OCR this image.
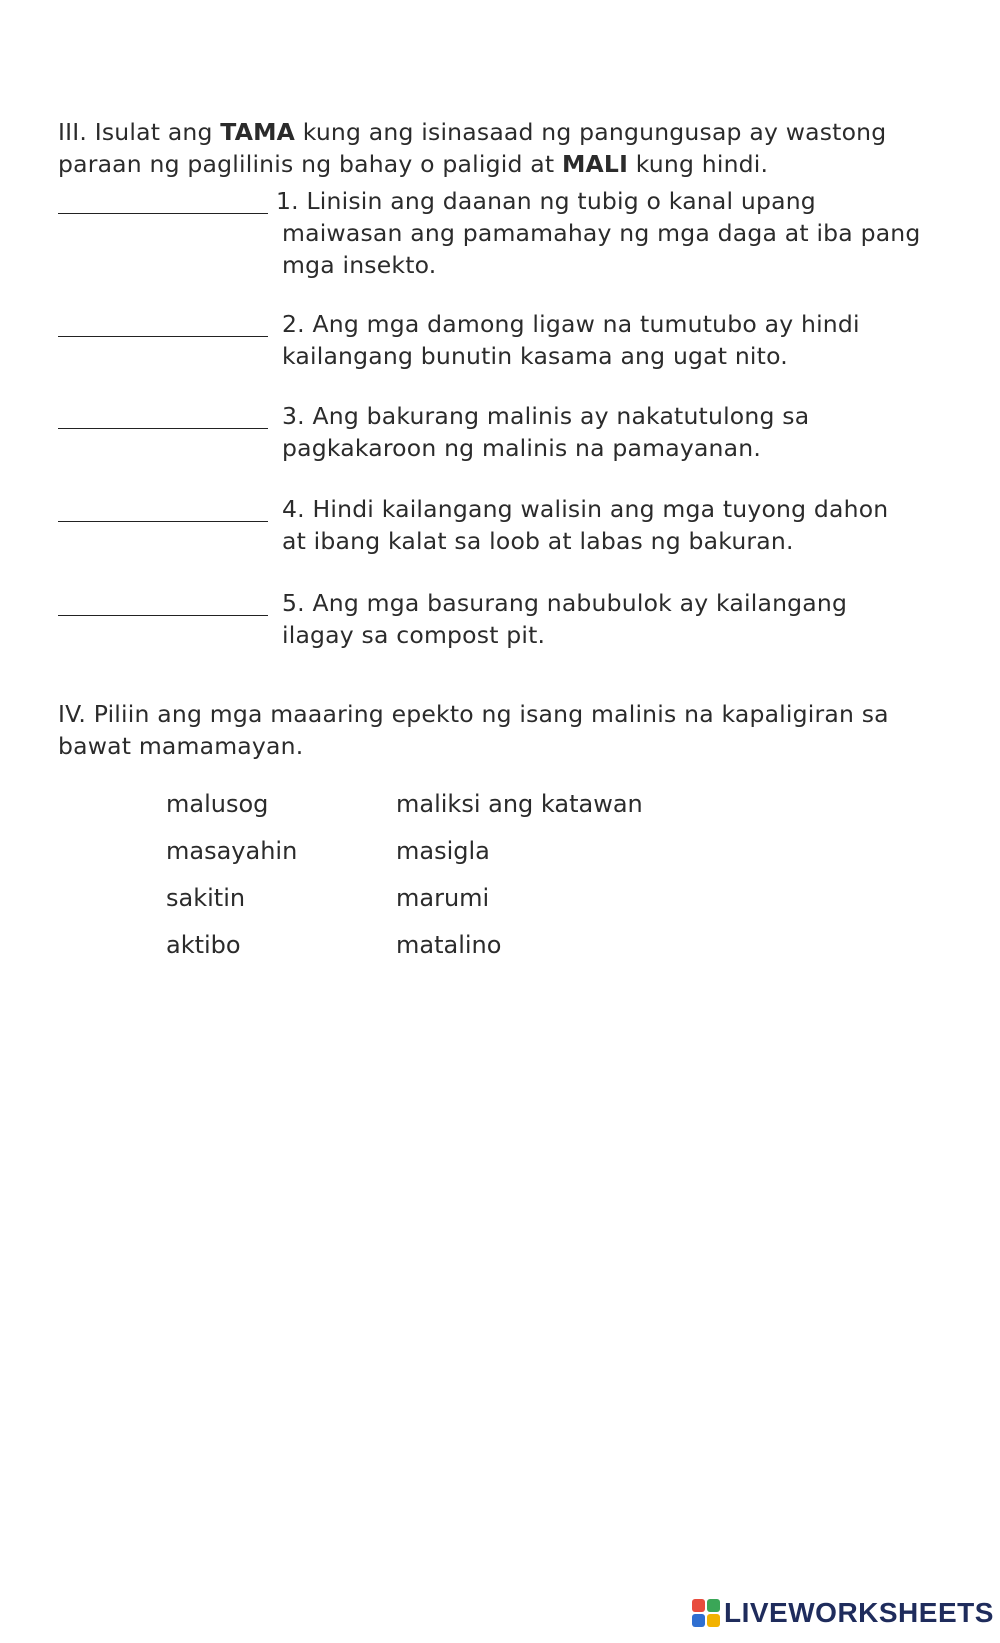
III. Isulat ang TAMA kung ang isinasaad ng pangungusap ay wastong paraan ng paglilinis ng bahay o paligid at MALI kung hindi.

1. Linisin ang daanan ng tubig o kanal upang
maiwasan ang pamamahay ng mga daga at iba pang mga insekto.
2. Ang mga damong ligaw na tumutubo ay hindi
kailangang bunutin kasama ang ugat nito.
3. Ang bakurang malinis ay nakatutulong sa
pagkakaroon ng malinis na pamayanan.
4. Hindi kailangang walisin ang mga tuyong dahon
at ibang kalat sa loob at labas ng bakuran.
5. Ang mga basurang nabubulok ay kailangang
ilagay sa compost pit.

IV. Piliin ang mga maaaring epekto ng isang malinis na kapaligiran sa bawat mamamayan.

malusog
masayahin
sakitin
aktibo
maliksi ang katawan
masigla
marumi
matalino
LIVEWORKSHEETS
